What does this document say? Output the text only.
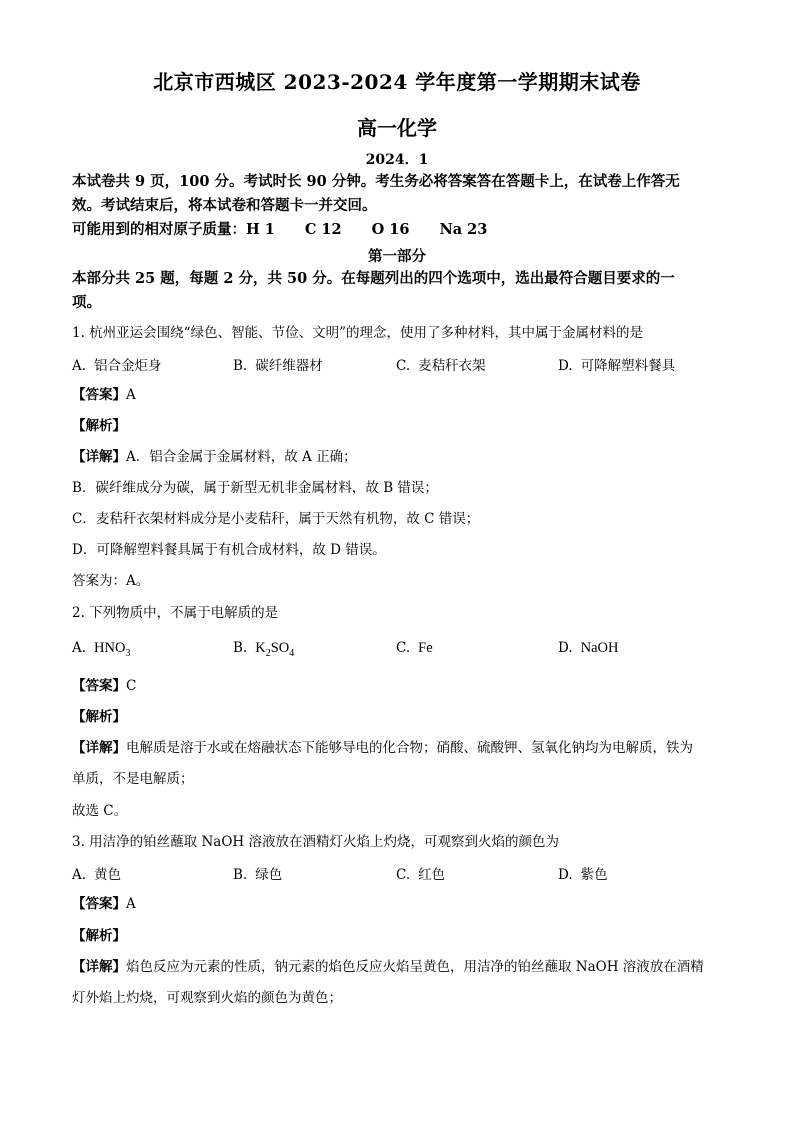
北京市西城区 2023-2024 学年度第一学期期末试卷
高一化学
2024．1
本试卷共 9 页，100 分。考试时长 90 分钟。考生务必将答案答在答题卡上，在试卷上作答无
效。考试结束后，将本试卷和答题卡一并交回。
可能用到的相对原子质量：H 1 C 12 O 16 Na 23
第一部分
本部分共 25 题，每题 2 分，共 50 分。在每题列出的四个选项中，选出最符合题目要求的一
项。
1. 杭州亚运会围绕“绿色、智能、节俭、文明”的理念，使用了多种材料，其中属于金属材料的是
A. 铝合金炬身	B. 碳纤维器材	C. 麦秸秆衣架	D. 可降解塑料餐具
【答案】A
【解析】
【详解】A．铝合金属于金属材料，故 A 正确；
B．碳纤维成分为碳，属于新型无机非金属材料，故 B 错误；
C．麦秸秆衣架材料成分是小麦秸秆，属于天然有机物，故 C 错误；
D．可降解塑料餐具属于有机合成材料，故 D 错误。
答案为：A。
2. 下列物质中，不属于电解质的是
A. $HNO_3$	B. $K_2SO_4$	C. Fe	D. NaOH
【答案】C
【解析】
【详解】电解质是溶于水或在熔融状态下能够导电的化合物；硝酸、硫酸钾、氢氧化钠均为电解质，铁为
单质，不是电解质；
故选 C。
3. 用洁净的铂丝蘸取 NaOH 溶液放在酒精灯火焰上灼烧，可观察到火焰的颜色为
A. 黄色	B. 绿色	C. 红色	D. 紫色
【答案】A
【解析】
【详解】焰色反应为元素的性质，钠元素的焰色反应火焰呈黄色，用洁净的铂丝蘸取 NaOH 溶液放在酒精
灯外焰上灼烧，可观察到火焰的颜色为黄色；
